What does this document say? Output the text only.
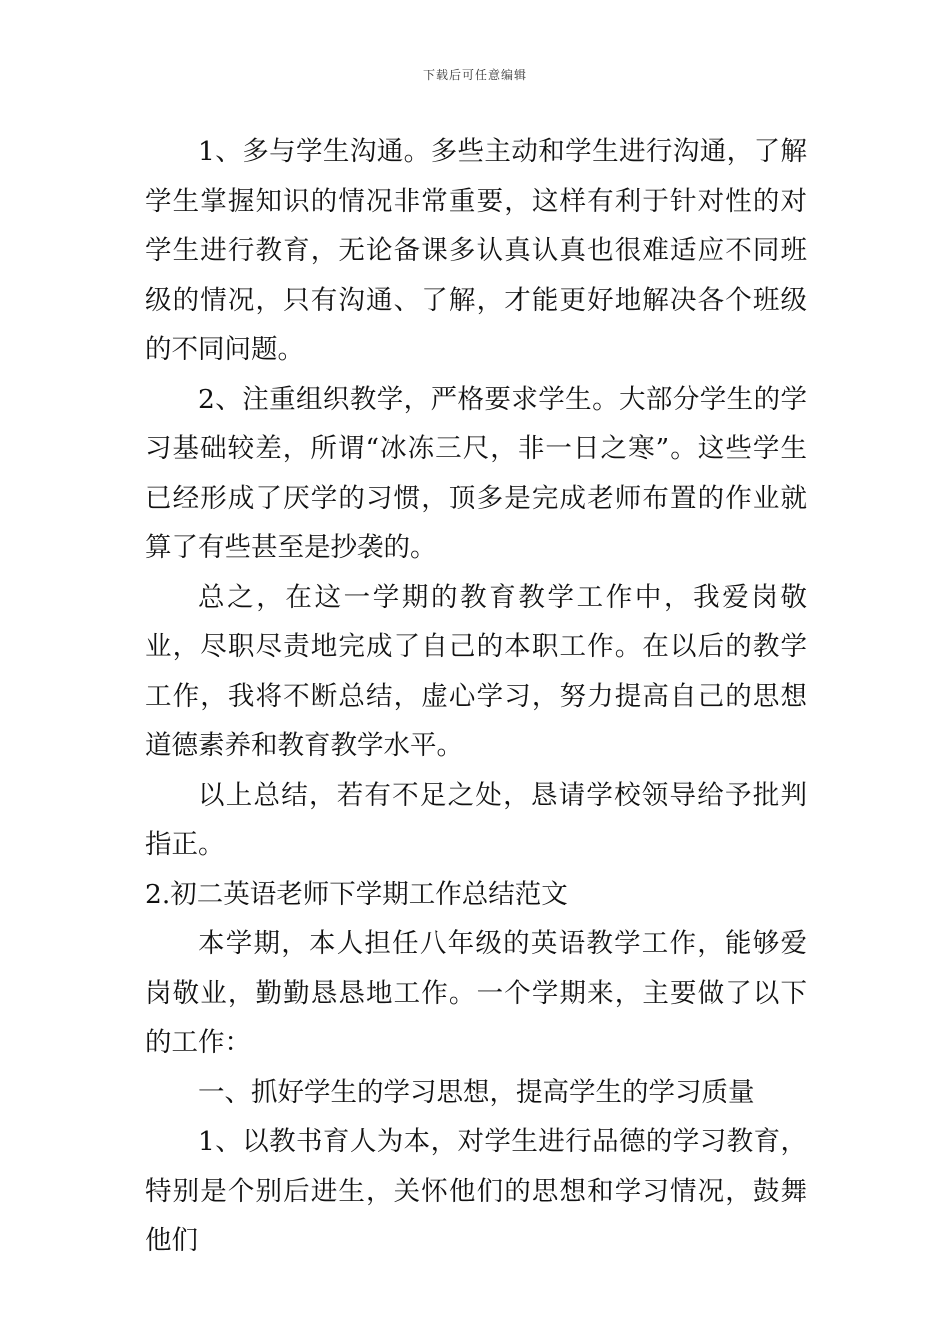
下载后可任意编辑

1、多与学生沟通。多些主动和学生进行沟通，了解学生掌握知识的情况非常重要，这样有利于针对性的对学生进行教育，无论备课多认真认真也很难适应不同班级的情况，只有沟通、了解，才能更好地解决各个班级的不同问题。

2、注重组织教学，严格要求学生。大部分学生的学习基础较差，所谓“冰冻三尺，非一日之寒”。这些学生已经形成了厌学的习惯，顶多是完成老师布置的作业就算了有些甚至是抄袭的。

总之，在这一学期的教育教学工作中，我爱岗敬业，尽职尽责地完成了自己的本职工作。在以后的教学工作，我将不断总结，虚心学习，努力提高自己的思想道德素养和教育教学水平。

以上总结，若有不足之处，恳请学校领导给予批判指正。

2.初二英语老师下学期工作总结范文

本学期，本人担任八年级的英语教学工作，能够爱岗敬业，勤勤恳恳地工作。一个学期来，主要做了以下的工作：

一、抓好学生的学习思想，提高学生的学习质量

1、以教书育人为本，对学生进行品德的学习教育，特别是个别后进生，关怀他们的思想和学习情况，鼓舞他们
